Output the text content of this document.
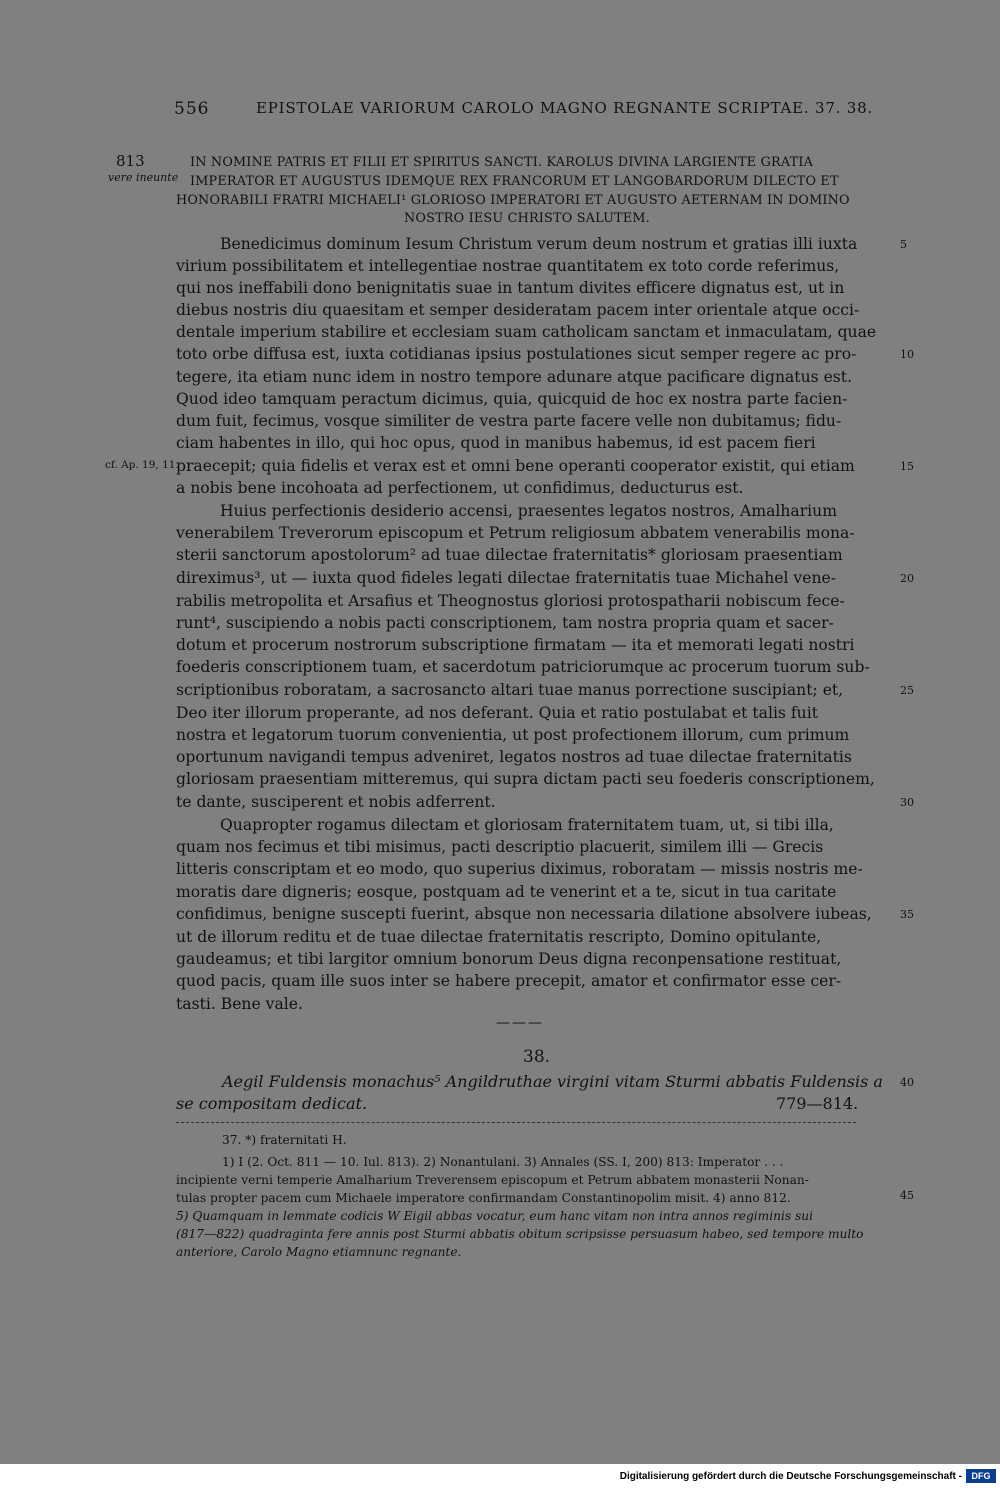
556	EPISTOLAE VARIORUM CAROLO MAGNO REGNANTE SCRIPTAE. 37. 38.
813
vere ineunte
IN NOMINE PATRIS ET FILII ET SPIRITUS SANCTI. KAROLUS DIVINA LARGIENTE GRATIA
IMPERATOR ET AUGUSTUS IDEMQUE REX FRANCORUM ET LANGOBARDORUM DILECTO ET
HONORABILI FRATRI MICHAELI¹ GLORIOSO IMPERATORI ET AUGUSTO AETERNAM IN DOMINO
NOSTRO IESU CHRISTO SALUTEM.
Benedicimus dominum Iesum Christum verum deum nostrum et gratias illi iuxta
virium possibilitatem et intellegentiae nostrae quantitatem ex toto corde referimus,
qui nos ineffabili dono benignitatis suae in tantum divites efficere dignatus est, ut in
diebus nostris diu quaesitam et semper desideratam pacem inter orientale atque occi-
dentale imperium stabilire et ecclesiam suam catholicam sanctam et inmaculatam, quae
toto orbe diffusa est, iuxta cotidianas ipsius postulationes sicut semper regere ac pro-
tegere, ita etiam nunc idem in nostro tempore adunare atque pacificare dignatus est.
Quod ideo tamquam peractum dicimus, quia, quicquid de hoc ex nostra parte facien-
dum fuit, fecimus, vosque similiter de vestra parte facere velle non dubitamus; fidu-
ciam habentes in illo, qui hoc opus, quod in manibus habemus, id est pacem fieri
praecepit; quia fidelis et verax est et omni bene operanti cooperator existit, qui etiam
a nobis bene incohoata ad perfectionem, ut confidimus, deducturus est.
Huius perfectionis desiderio accensi, praesentes legatos nostros, Amalharium
venerabilem Treverorum episcopum et Petrum religiosum abbatem venerabilis mona-
sterii sanctorum apostolorum² ad tuae dilectae fraternitatis* gloriosam praesentiam
direximus³, ut — iuxta quod fideles legati dilectae fraternitatis tuae Michahel vene-
rabilis metropolita et Arsafius et Theognostus gloriosi protospatharii nobiscum fece-
runt⁴, suscipiendo a nobis pacti conscriptionem, tam nostra propria quam et sacer-
dotum et procerum nostrorum subscriptione firmatam — ita et memorati legati nostri
foederis conscriptionem tuam, et sacerdotum patriciorumque ac procerum tuorum sub-
scriptionibus roboratam, a sacrosancto altari tuae manus porrectione suscipiant; et,
Deo iter illorum properante, ad nos deferant. Quia et ratio postulabat et talis fuit
nostra et legatorum tuorum convenientia, ut post profectionem illorum, cum primum
oportunum navigandi tempus adveniret, legatos nostros ad tuae dilectae fraternitatis
gloriosam praesentiam mitteremus, qui supra dictam pacti seu foederis conscriptionem,
te dante, susciperent et nobis adferrent.
Quapropter rogamus dilectam et gloriosam fraternitatem tuam, ut, si tibi illa,
quam nos fecimus et tibi misimus, pacti descriptio placuerit, similem illi — Grecis
litteris conscriptam et eo modo, quo superius diximus, roboratam — missis nostris me-
moratis dare digneris; eosque, postquam ad te venerint et a te, sicut in tua caritate
confidimus, benigne suscepti fuerint, absque non necessaria dilatione absolvere iubeas,
ut de illorum reditu et de tuae dilectae fraternitatis rescripto, Domino opitulante,
gaudeamus; et tibi largitor omnium bonorum Deus digna reconpensatione restituat,
quod pacis, quam ille suos inter se habere precepit, amator et confirmator esse cer-
tasti. Bene vale.
cf. Ap. 19, 11.
5
10
15
20
25
30
35
40
45
———
38.
Aegil Fuldensis monachus⁵ Angildruthae virgini vitam Sturmi abbatis Fuldensis a
se compositam dedicat.	779—814.
37. *) fraternitati H.
1) I (2. Oct. 811 — 10. Iul. 813). 2) Nonantulani. 3) Annales (SS. I, 200) 813: Imperator . . .
incipiente verni temperie Amalharium Treverensem episcopum et Petrum abbatem monasterii Nonan-
tulas propter pacem cum Michaele imperatore confirmandam Constantinopolim misit. 4) anno 812.
5) Quamquam in lemmate codicis W Eigil abbas vocatur, eum hanc vitam non intra annos regiminis sui
(817—822) quadraginta fere annis post Sturmi abbatis obitum scripsisse persuasum habeo, sed tempore multo
anteriore, Carolo Magno etiamnunc regnante.
Digitalisierung gefördert durch die Deutsche Forschungsgemeinschaft -	DFG
